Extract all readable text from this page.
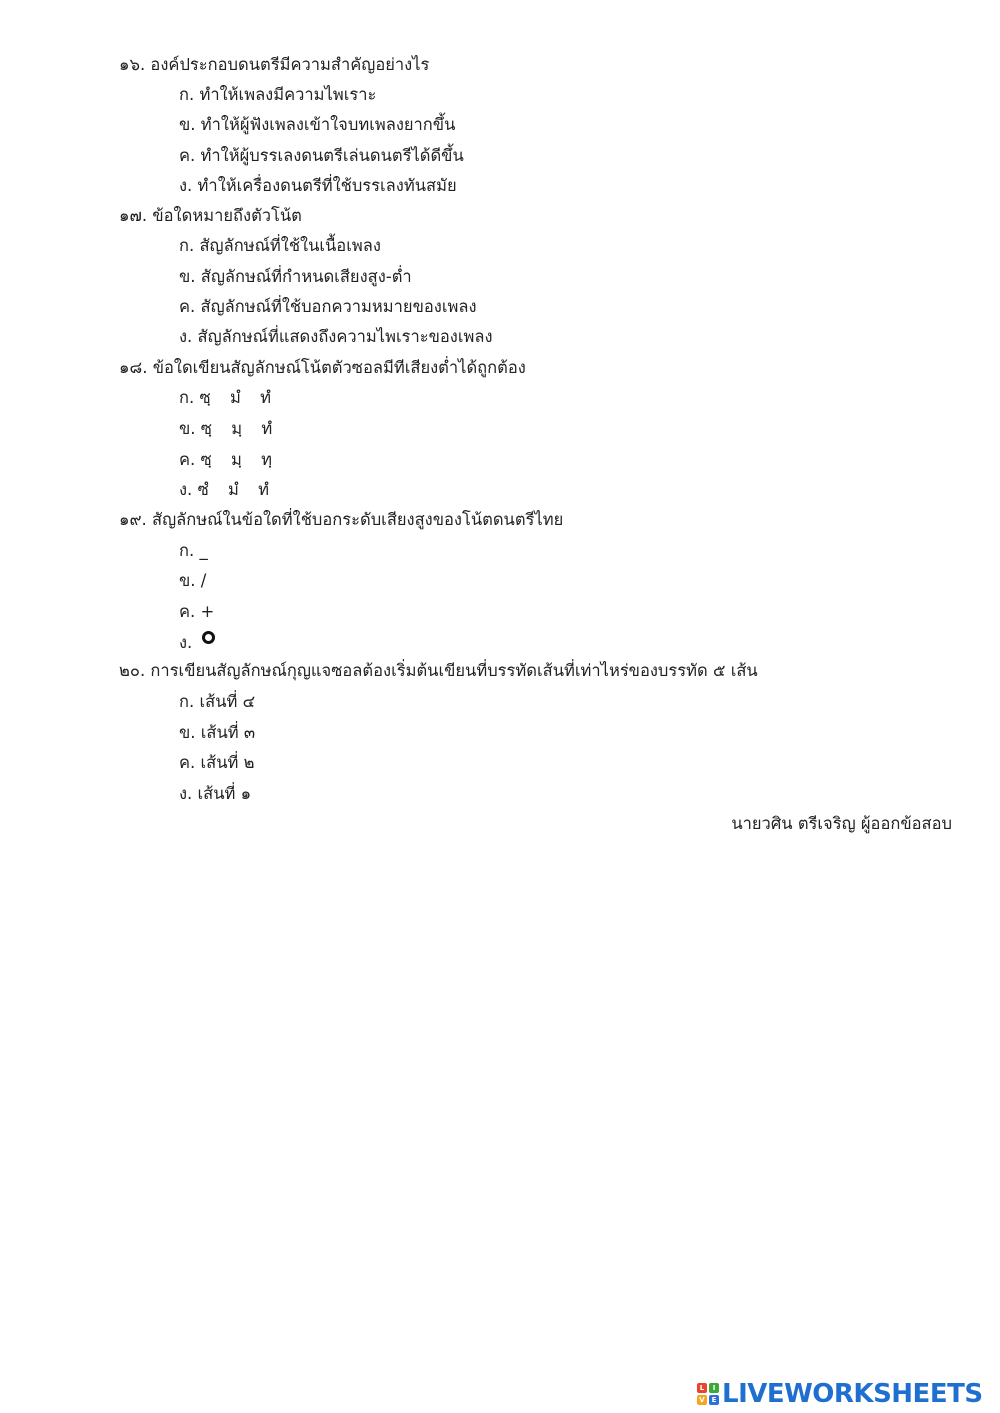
๑๖. องค์ประกอบดนตรีมีความสำคัญอย่างไร
ก. ทำให้เพลงมีความไพเราะ
ข. ทำให้ผู้ฟังเพลงเข้าใจบทเพลงยากขึ้น
ค. ทำให้ผู้บรรเลงดนตรีเล่นดนตรีได้ดีขึ้น
ง. ทำให้เครื่องดนตรีที่ใช้บรรเลงทันสมัย
๑๗. ข้อใดหมายถึงตัวโน้ต
ก. สัญลักษณ์ที่ใช้ในเนื้อเพลง
ข. สัญลักษณ์ที่กำหนดเสียงสูง-ต่ำ
ค. สัญลักษณ์ที่ใช้บอกความหมายของเพลง
ง. สัญลักษณ์ที่แสดงถึงความไพเราะของเพลง
๑๘. ข้อใดเขียนสัญลักษณ์โน้ตตัวซอลมีทีเสียงต่ำได้ถูกต้อง
ก. ซฺ มํ ทํ
ข. ซฺ มฺ ทํ
ค. ซฺ มฺ ทฺ
ง. ซํ มํ ทํ
๑๙. สัญลักษณ์ในข้อใดที่ใช้บอกระดับเสียงสูงของโน้ตดนตรีไทย
ก. _
ข. /
ค. +
ง.
๒๐. การเขียนสัญลักษณ์กุญแจซอลต้องเริ่มต้นเขียนที่บรรทัดเส้นที่เท่าไหร่ของบรรทัด ๕ เส้น
ก. เส้นที่ ๔
ข. เส้นที่ ๓
ค. เส้นที่ ๒
ง. เส้นที่ ๑
นายวศิน ตรีเจริญ ผู้ออกข้อสอบ
L	I
V E LIVEWORKSHEETS
